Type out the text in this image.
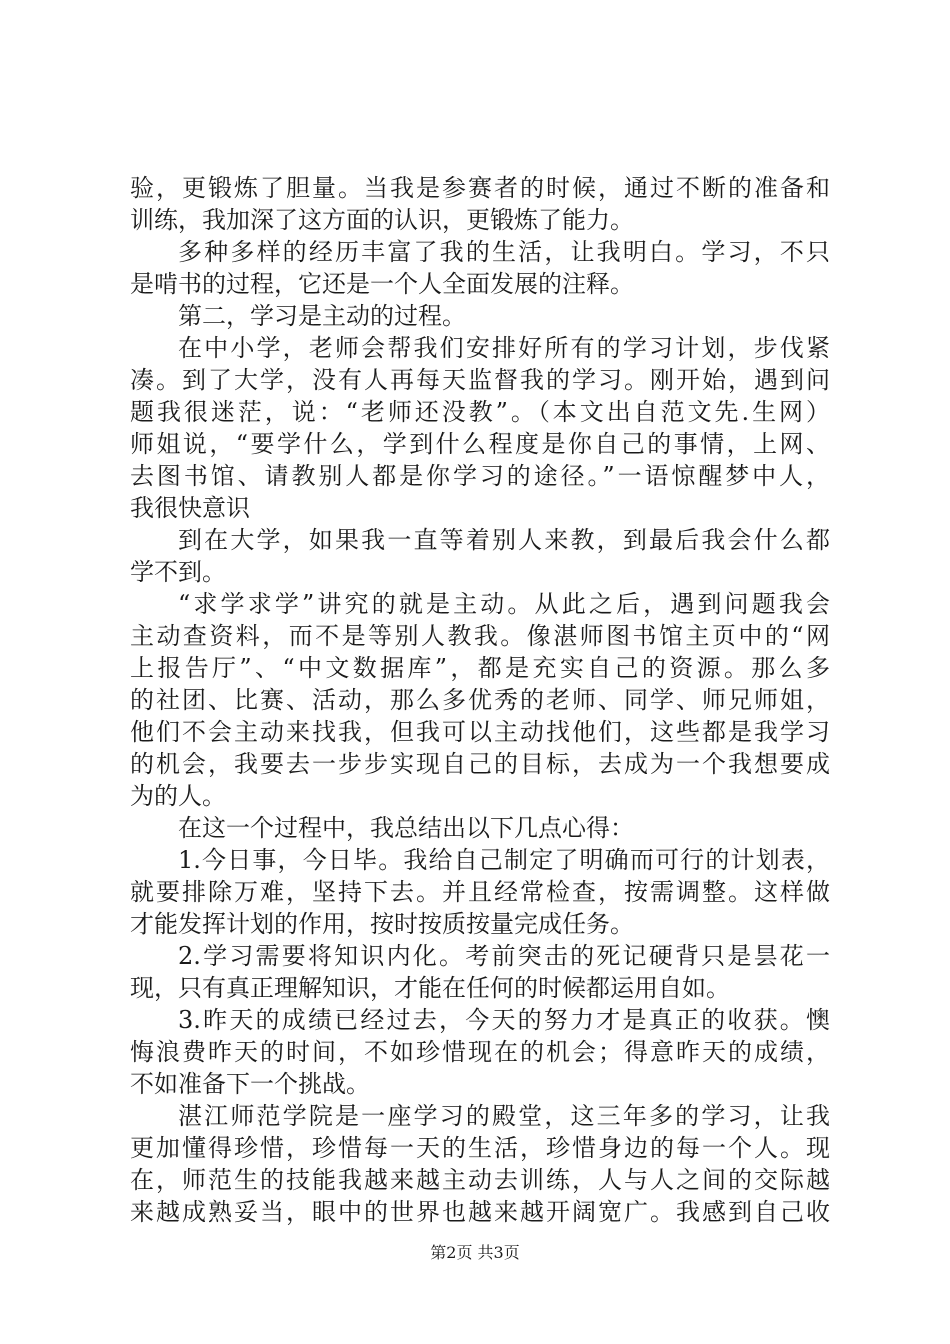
验，更锻炼了胆量。当我是参赛者的时候，通过不断的准备和
训练，我加深了这方面的认识，更锻炼了能力。
多种多样的经历丰富了我的生活，让我明白。学习，不只
是啃书的过程，它还是一个人全面发展的注释。
第二，学习是主动的过程。
在中小学，老师会帮我们安排好所有的学习计划，步伐紧
凑。到了大学，没有人再每天监督我的学习。刚开始，遇到问
题我很迷茫，说：“老师还没教”。（本文出自范文先.生网）
师姐说，“要学什么，学到什么程度是你自己的事情，上网、
去图书馆、请教别人都是你学习的途径。”一语惊醒梦中人，
我很快意识
到在大学，如果我一直等着别人来教，到最后我会什么都
学不到。
“求学求学”讲究的就是主动。从此之后，遇到问题我会
主动查资料，而不是等别人教我。像湛师图书馆主页中的“网
上报告厅”、“中文数据库”，都是充实自己的资源。那么多
的社团、比赛、活动，那么多优秀的老师、同学、师兄师姐，
他们不会主动来找我，但我可以主动找他们，这些都是我学习
的机会，我要去一步步实现自己的目标，去成为一个我想要成
为的人。
在这一个过程中，我总结出以下几点心得：
1.今日事，今日毕。我给自己制定了明确而可行的计划表，
就要排除万难，坚持下去。并且经常检查，按需调整。这样做
才能发挥计划的作用，按时按质按量完成任务。
2.学习需要将知识内化。考前突击的死记硬背只是昙花一
现，只有真正理解知识，才能在任何的时候都运用自如。
3.昨天的成绩已经过去，今天的努力才是真正的收获。懊
悔浪费昨天的时间，不如珍惜现在的机会；得意昨天的成绩，
不如准备下一个挑战。
湛江师范学院是一座学习的殿堂，这三年多的学习，让我
更加懂得珍惜，珍惜每一天的生活，珍惜身边的每一个人。现
在，师范生的技能我越来越主动去训练，人与人之间的交际越
来越成熟妥当，眼中的世界也越来越开阔宽广。我感到自己收
第2页 共3页
